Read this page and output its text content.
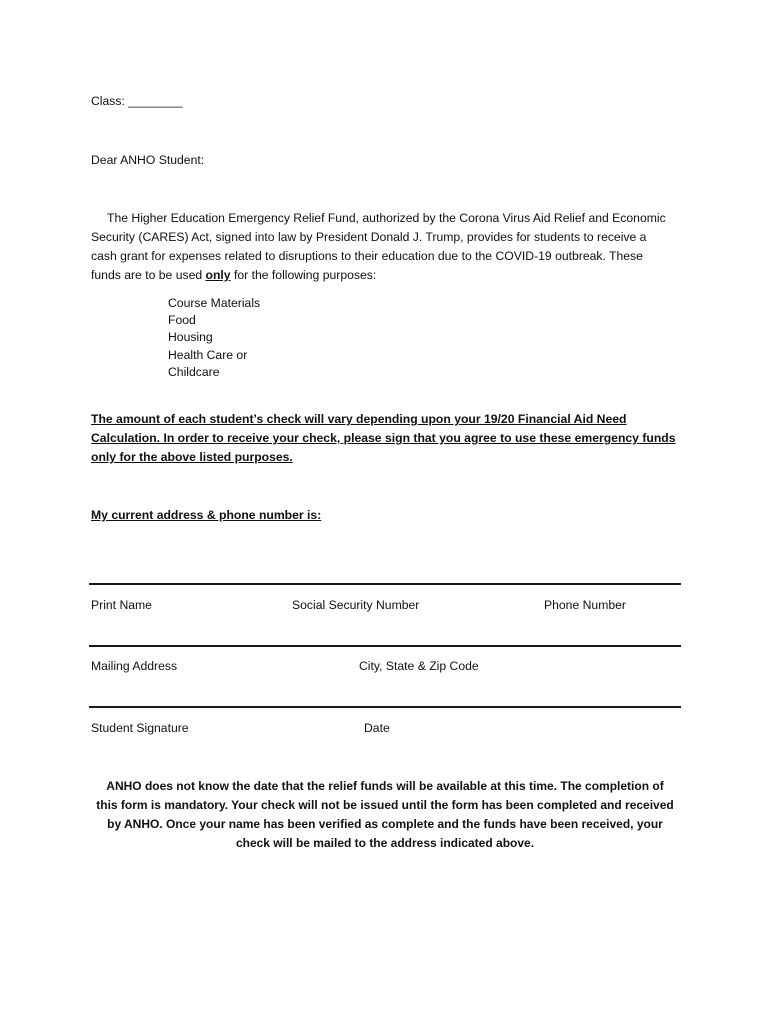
Class: ________
Dear ANHO Student:
The Higher Education Emergency Relief Fund, authorized by the Corona Virus Aid Relief and Economic
Security (CARES) Act, signed into law by President Donald J. Trump, provides for students to receive a
cash grant for expenses related to disruptions to their education due to the COVID-19 outbreak. These
funds are to be used only for the following purposes:
Course Materials
Food
Housing
Health Care or
Childcare
The amount of each student’s check will vary depending upon your 19/20 Financial Aid Need
Calculation. In order to receive your check, please sign that you agree to use these emergency funds
only for the above listed purposes.
My current address & phone number is:
Print Name	Social Security Number	Phone Number
Mailing Address	City, State & Zip Code
Student Signature	Date
ANHO does not know the date that the relief funds will be available at this time. The completion of
this form is mandatory. Your check will not be issued until the form has been completed and received
by ANHO. Once your name has been verified as complete and the funds have been received, your
check will be mailed to the address indicated above.
